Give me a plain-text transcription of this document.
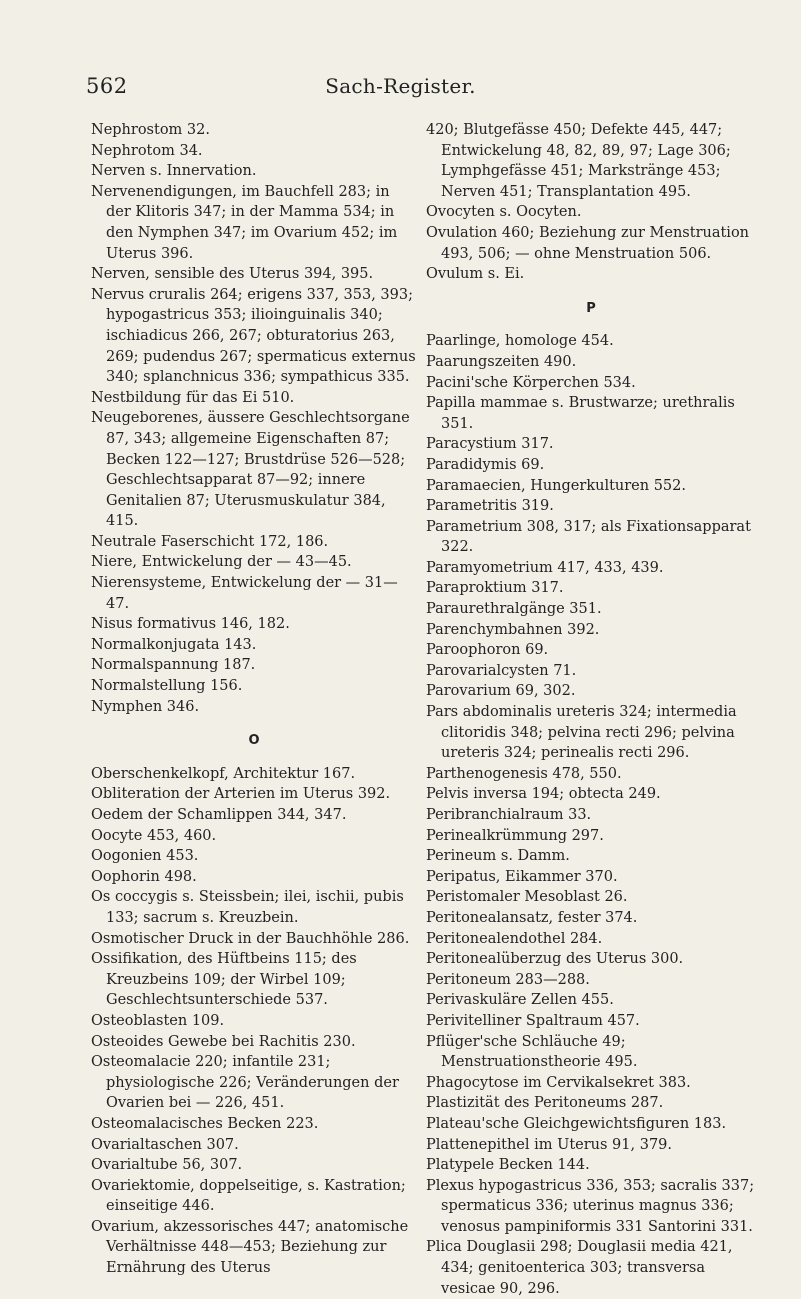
562	Sach-Register.

Nephrostom 32.

Nephrotom 34.

Nerven s. Innervation.

Nervenendigungen, im Bauchfell 283; in der Klitoris 347; in der Mamma 534; in den Nymphen 347; im Ovarium 452; im Uterus 396.

Nerven, sensible des Uterus 394, 395.

Nervus cruralis 264; erigens 337, 353, 393; hypogastricus 353; ilioinguinalis 340; ischiadicus 266, 267; obturatorius 263, 269; pudendus 267; spermaticus externus 340; splanchnicus 336; sympathicus 335.

Nestbildung für das Ei 510.

Neugeborenes, äussere Geschlechtsorgane 87, 343; allgemeine Eigenschaften 87; Becken 122—127; Brustdrüse 526—528; Geschlechtsapparat 87—92; innere Genitalien 87; Uterusmuskulatur 384, 415.

Neutrale Faserschicht 172, 186.

Niere, Entwickelung der — 43—45.

Nierensysteme, Entwickelung der — 31—47.

Nisus formativus 146, 182.

Normalkonjugata 143.

Normalspannung 187.

Normalstellung 156.

Nymphen 346.

O

Oberschenkelkopf, Architektur 167.

Obliteration der Arterien im Uterus 392.

Oedem der Schamlippen 344, 347.

Oocyte 453, 460.

Oogonien 453.

Oophorin 498.

Os coccygis s. Steissbein; ilei, ischii, pubis 133; sacrum s. Kreuzbein.

Osmotischer Druck in der Bauchhöhle 286.

Ossifikation, des Hüftbeins 115; des Kreuzbeins 109; der Wirbel 109; Geschlechtsunterschiede 537.

Osteoblasten 109.

Osteoides Gewebe bei Rachitis 230.

Osteomalacie 220; infantile 231; physiologische 226; Veränderungen der Ovarien bei — 226, 451.

Osteomalacisches Becken 223.

Ovarialtaschen 307.

Ovarialtube 56, 307.

Ovariektomie, doppelseitige, s. Kastration; einseitige 446.

Ovarium, akzessorisches 447; anatomische Verhältnisse 448—453; Beziehung zur Ernährung des Uterus

420; Blutgefässe 450; Defekte 445, 447; Entwickelung 48, 82, 89, 97; Lage 306; Lymphgefässe 451; Markstränge 453; Nerven 451; Transplantation 495.

Ovocyten s. Oocyten.

Ovulation 460; Beziehung zur Menstruation 493, 506; — ohne Menstruation 506.

Ovulum s. Ei.

P

Paarlinge, homologe 454.

Paarungszeiten 490.

Pacini'sche Körperchen 534.

Papilla mammae s. Brustwarze; urethralis 351.

Paracystium 317.

Paradidymis 69.

Paramaecien, Hungerkulturen 552.

Parametritis 319.

Parametrium 308, 317; als Fixationsapparat 322.

Paramyometrium 417, 433, 439.

Paraproktium 317.

Paraurethralgänge 351.

Parenchymbahnen 392.

Paroophoron 69.

Parovarialcysten 71.

Parovarium 69, 302.

Pars abdominalis ureteris 324; intermedia clitoridis 348; pelvina recti 296; pelvina ureteris 324; perinealis recti 296.

Parthenogenesis 478, 550.

Pelvis inversa 194; obtecta 249.

Peribranchialraum 33.

Perinealkrümmung 297.

Perineum s. Damm.

Peripatus, Eikammer 370.

Peristomaler Mesoblast 26.

Peritonealansatz, fester 374.

Peritonealendothel 284.

Peritonealüberzug des Uterus 300.

Peritoneum 283—288.

Perivaskuläre Zellen 455.

Perivitelliner Spaltraum 457.

Pflüger'sche Schläuche 49; Menstruationstheorie 495.

Phagocytose im Cervikalsekret 383.

Plastizität des Peritoneums 287.

Plateau'sche Gleichgewichtsfiguren 183.

Plattenepithel im Uterus 91, 379.

Platypele Becken 144.

Plexus hypogastricus 336, 353; sacralis 337; spermaticus 336; uterinus magnus 336; venosus pampiniformis 331 Santorini 331.

Plica Douglasii 298; Douglasii media 421, 434; genitoenterica 303; transversa vesicae 90, 296.
